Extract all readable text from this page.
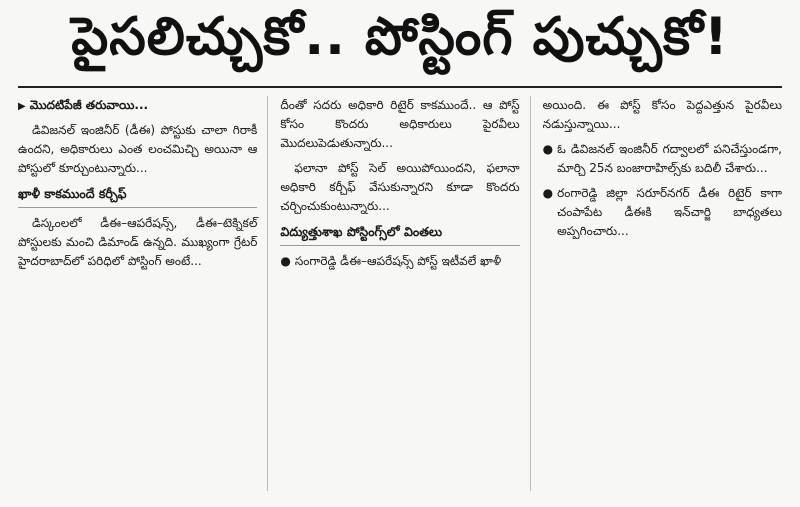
పైసలిచ్చుకో.. పోస్టింగ్ పుచ్చుకో!
▶ మొదటిపేజీ తరువాయి...

డివిజనల్ ఇంజినీర్ (డీఈ) పోస్టుకు చాలా గిరాకీ ఉందని, అధికారులు ఎంత లంచమిచ్చి అయినా ఆ పోస్టులో కూర్చుంటున్నారు...

ఖాళీ కాకముందే కర్చీఫ్

డిస్కంలలో డీఈ–ఆపరేషన్స్, డీఈ–టెక్నికల్ పోస్టులకు మంచి డిమాండ్ ఉన్నది. ముఖ్యంగా గ్రేటర్ హైదరాబాద్‌లో పరిధిలో పోస్టింగ్ అంటే...

దీంతో సదరు అధికారి రిటైర్ కాకముందే.. ఆ పోస్ట్ కోసం కొందరు అధికారులు పైరవీలు మొదలుపెడుతున్నారు...

ఫలానా పోస్ట్ సెల్ అయిపోయిందని, ఫలానా అధికారి కర్చీఫ్ వేసుకున్నారని కూడా కొందరు చర్చించుకుంటున్నారు...

విద్యుత్తుశాఖ పోస్టింగ్స్‌లో వింతలు
● సంగారెడ్డి డీఈ–ఆపరేషన్స్ పోస్ట్ ఇటీవలే ఖాళీ

అయింది. ఈ పోస్ట్ కోసం పెద్దఎత్తున పైరవీలు నడుస్తున్నాయి...

● ఓ డివిజనల్ ఇంజినీర్ గద్వాలలో పనిచేస్తుండగా, మార్చి 25న బంజారాహిల్స్‌కు బదిలీ చేశారు...

● రంగారెడ్డి జిల్లా సరూర్‌నగర్ డీఈ రిటైర్ కాగా చంపాపేట డీఈకి ఇన్‌చార్జి బాధ్యతలు అప్పగించారు...
